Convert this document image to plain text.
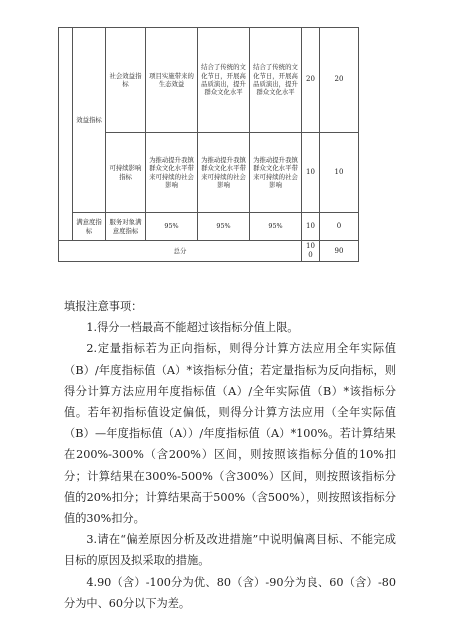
	效益指标	社会效益指标	项目实施带来的生态效益	结合了传统的文化节日，开展高品质演出，提升群众文化水平	结合了传统的文化节日，开展高品质演出，提升群众文化水平	20	20
		可持续影响指标	为推动提升我镇群众文化水平带来可持续的社会影响	为推动提升我镇群众文化水平带来可持续的社会影响	为推动提升我镇群众文化水平带来可持续的社会影响	10	10
	满意度指标	服务对象满意度指标	95%	95%	95%	10	0
总分						100	90
填报注意事项：

1.得分一档最高不能超过该指标分值上限。

2.定量指标若为正向指标，则得分计算方法应用全年实际值（B）/年度指标值（A）*该指标分值；若定量指标为反向指标，则得分计算方法应用年度指标值（A）/全年实际值（B）*该指标分值。若年初指标值设定偏低，则得分计算方法应用（全年实际值（B）—年度指标值（A））/年度指标值（A）*100%。若计算结果在200%-300%（含200%）区间，则按照该指标分值的10%扣分；计算结果在300%-500%（含300%）区间，则按照该指标分值的20%扣分；计算结果高于500%（含500%），则按照该指标分值的30%扣分。

3.请在“偏差原因分析及改进措施”中说明偏离目标、不能完成目标的原因及拟采取的措施。

4.90（含）-100分为优、80（含）-90分为良、60（含）-80分为中、60分以下为差。
